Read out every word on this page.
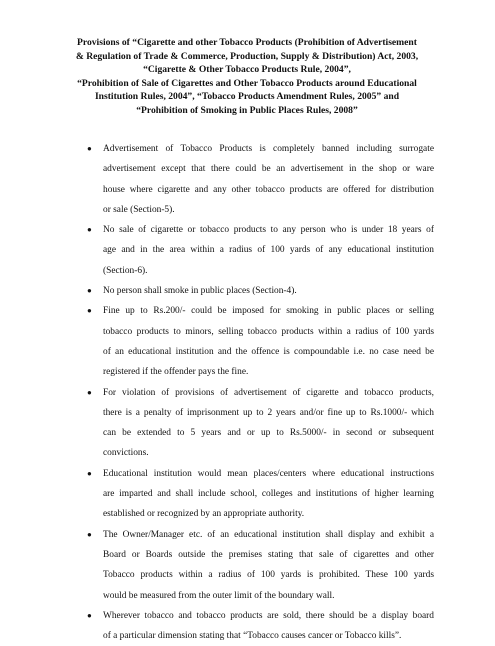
Provisions of “Cigarette and other Tobacco Products (Prohibition of Advertisement
& Regulation of Trade & Commerce, Production, Supply & Distribution) Act, 2003,
“Cigarette & Other Tobacco Products Rule, 2004”,
“Prohibition of Sale of Cigarettes and Other Tobacco Products around Educational
Institution Rules, 2004”, “Tobacco Products Amendment Rules, 2005” and
“Prohibition of Smoking in Public Places Rules, 2008”
● Advertisement of Tobacco Products is completely banned including surrogate
advertisement except that there could be an advertisement in the shop or ware
house where cigarette and any other tobacco products are offered for distribution
or sale (Section-5).
● No sale of cigarette or tobacco products to any person who is under 18 years of
age and in the area within a radius of 100 yards of any educational institution
(Section-6).
● No person shall smoke in public places (Section-4).
● Fine up to Rs.200/- could be imposed for smoking in public places or selling
tobacco products to minors, selling tobacco products within a radius of 100 yards
of an educational institution and the offence is compoundable i.e. no case need be
registered if the offender pays the fine.
● For violation of provisions of advertisement of cigarette and tobacco products,
there is a penalty of imprisonment up to 2 years and/or fine up to Rs.1000/- which
can be extended to 5 years and or up to Rs.5000/- in second or subsequent
convictions.
● Educational institution would mean places/centers where educational instructions
are imparted and shall include school, colleges and institutions of higher learning
established or recognized by an appropriate authority.
● The Owner/Manager etc. of an educational institution shall display and exhibit a
Board or Boards outside the premises stating that sale of cigarettes and other
Tobacco products within a radius of 100 yards is prohibited. These 100 yards
would be measured from the outer limit of the boundary wall.
● Wherever tobacco and tobacco products are sold, there should be a display board
of a particular dimension stating that “Tobacco causes cancer or Tobacco kills”.
